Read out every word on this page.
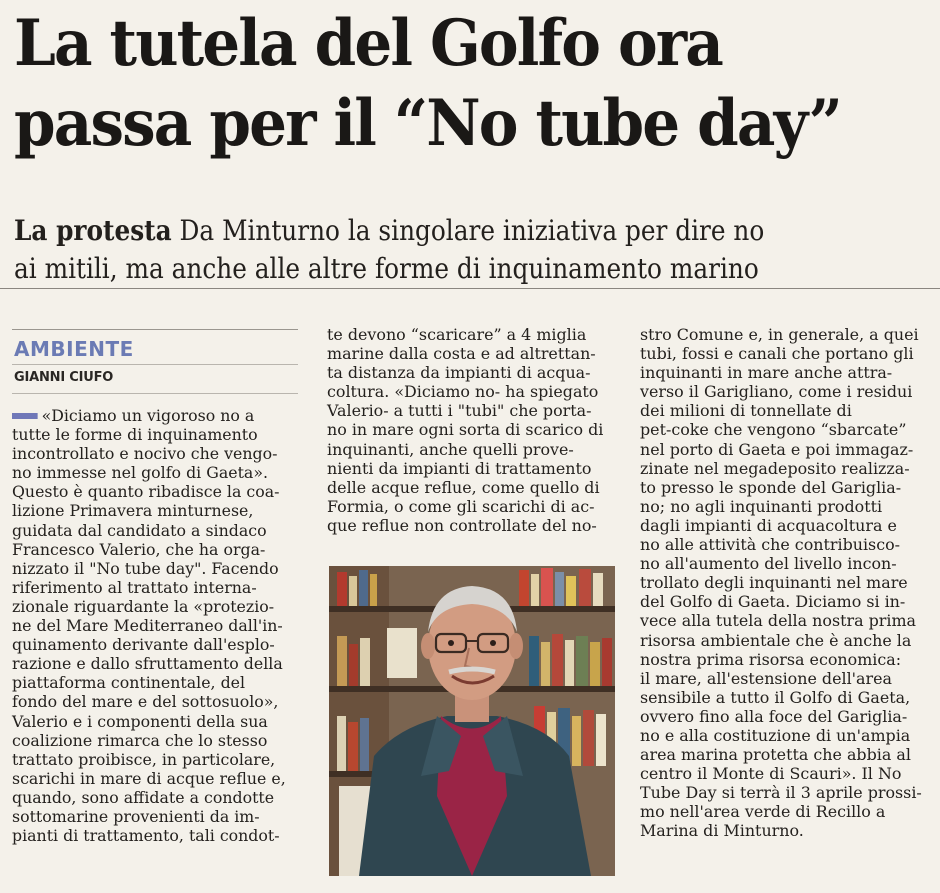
La tutela del Golfo ora
passa per il “No tube day”
La protesta Da Minturno la singolare iniziativa per dire no
ai mitili, ma anche alle altre forme di inquinamento marino
AMBIENTE
GIANNI CIUFO
«Diciamo un vigoroso no a
tutte le forme di inquinamento
incontrollato e nocivo che vengo-
no immesse nel golfo di Gaeta».
Questo è quanto ribadisce la coa-
lizione Primavera minturnese,
guidata dal candidato a sindaco
Francesco Valerio, che ha orga-
nizzato il "No tube day". Facendo
riferimento al trattato interna-
zionale riguardante la «protezio-
ne del Mare Mediterraneo dall'in-
quinamento derivante dall'esplo-
razione e dallo sfruttamento della
piattaforma continentale, del
fondo del mare e del sottosuolo»,
Valerio e i componenti della sua
coalizione rimarca che lo stesso
trattato proibisce, in particolare,
scarichi in mare di acque reflue e,
quando, sono affidate a condotte
sottomarine provenienti da im-
pianti di trattamento, tali condot-
te devono “scaricare” a 4 miglia
marine dalla costa e ad altrettan-
ta distanza da impianti di acqua-
coltura. «Diciamo no- ha spiegato
Valerio- a tutti i "tubi" che porta-
no in mare ogni sorta di scarico di
inquinanti, anche quelli prove-
nienti da impianti di trattamento
delle acque reflue, come quello di
Formia, o come gli scarichi di ac-
que reflue non controllate del no-
stro Comune e, in generale, a quei
tubi, fossi e canali che portano gli
inquinanti in mare anche attra-
verso il Garigliano, come i residui
dei milioni di tonnellate di
pet-coke che vengono “sbarcate”
nel porto di Gaeta e poi immagaz-
zinate nel megadeposito realizza-
to presso le sponde del Gariglia-
no; no agli inquinanti prodotti
dagli impianti di acquacoltura e
no alle attività che contribuisco-
no all'aumento del livello incon-
trollato degli inquinanti nel mare
del Golfo di Gaeta. Diciamo si in-
vece alla tutela della nostra prima
risorsa ambientale che è anche la
nostra prima risorsa economica:
il mare, all'estensione dell'area
sensibile a tutto il Golfo di Gaeta,
ovvero fino alla foce del Gariglia-
no e alla costituzione di un'ampia
area marina protetta che abbia al
centro il Monte di Scauri». Il No
Tube Day si terrà il 3 aprile prossi-
mo nell'area verde di Recillo a
Marina di Minturno.
